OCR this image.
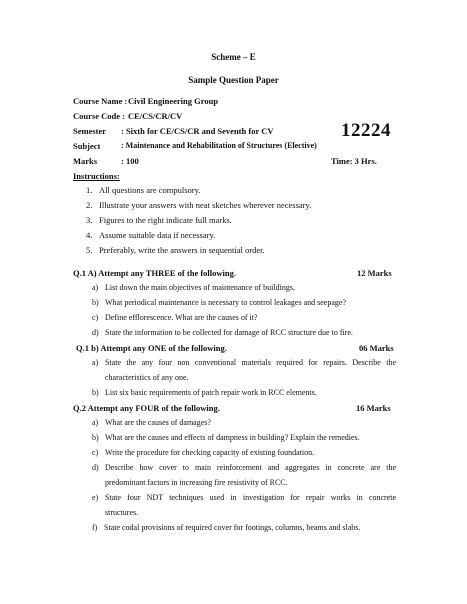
Scheme – E
Sample Question Paper
Course Name : Civil Engineering Group
Course Code : CE/CS/CR/CV
Semester : Sixth for CE/CS/CR and Seventh for CV	12224
Subject	: Maintenance and Rehabilitation of Structures (Elective)
Marks	: 100	Time: 3 Hrs.
Instructions:
1. All questions are compulsory.
2. Illustrate your answers with neat sketches wherever necessary.
3. Figures to the right indicate full marks.
4. Assume suitable data if necessary.
5. Preferably, write the answers in sequential order.
Q.1 A) Attempt any THREE of the following.	12 Marks
a) List down the main objectives of maintenance of buildings.
b) What periodical maintenance is necessary to control leakages and seepage?
c) Define efflorescence. What are the causes of it?
d) State the information to be collected for damage of RCC structure due to fire.
Q.1 b) Attempt any ONE of the following.	06 Marks
a) State the any four non conventional materials required for repairs. Describe the
characteristics of any one.
b) List six basic requirements of patch repair work in RCC elements.
Q.2 Attempt any FOUR of the following.	16 Marks
a) What are the causes of damages?
b) What are the causes and effects of dampness in building? Explain the remedies.
c) Write the procedure for checking capacity of existing foundation.
d) Describe how cover to main reinforcement and aggregates in concrete are the
predominant factors in increasing fire resistivity of RCC.
e) State four NDT techniques used in investigation for repair works in concrete
structures.
f) State codal provisions of required cover for footings, columns, beams and slabs.
